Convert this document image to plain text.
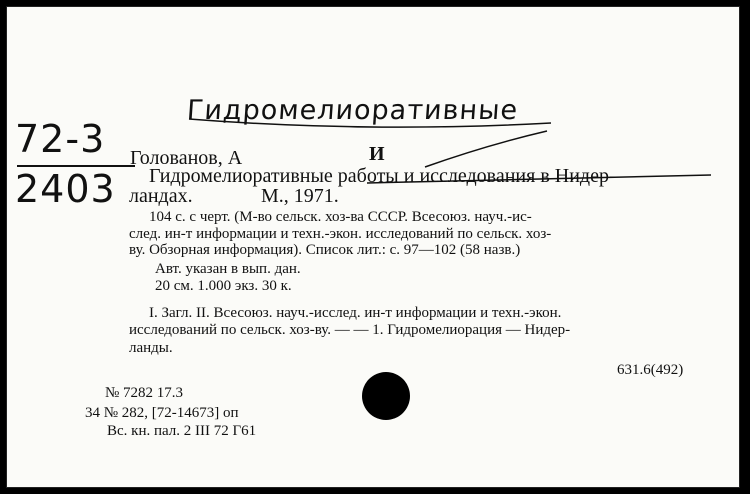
Гидромелиоративные
72-3
2403
Голованов, А	И
Гидромелиоративные работы и исследования в Нидер-
ландах.	М., 1971.
104 с. с черт. (М-во сельск. хоз-ва СССР. Всесоюз. науч.-ис-
след. ин-т информации и техн.-экон. исследований по сельск. хоз-
ву. Обзорная информация). Список лит.: с. 97—102 (58 назв.)
Авт. указан в вып. дан.
20 см. 1.000 экз. 30 к.
I. Загл. II. Всесоюз. науч.-исслед. ин-т информации и техн.-экон.
исследований по сельск. хоз-ву. — — 1. Гидромелиорация — Нидер-
ланды.
631.6(492)
№ 7282 17.3
34 № 282, [72-14673] оп
Вс. кн. пал. 2 III 72 Г61
